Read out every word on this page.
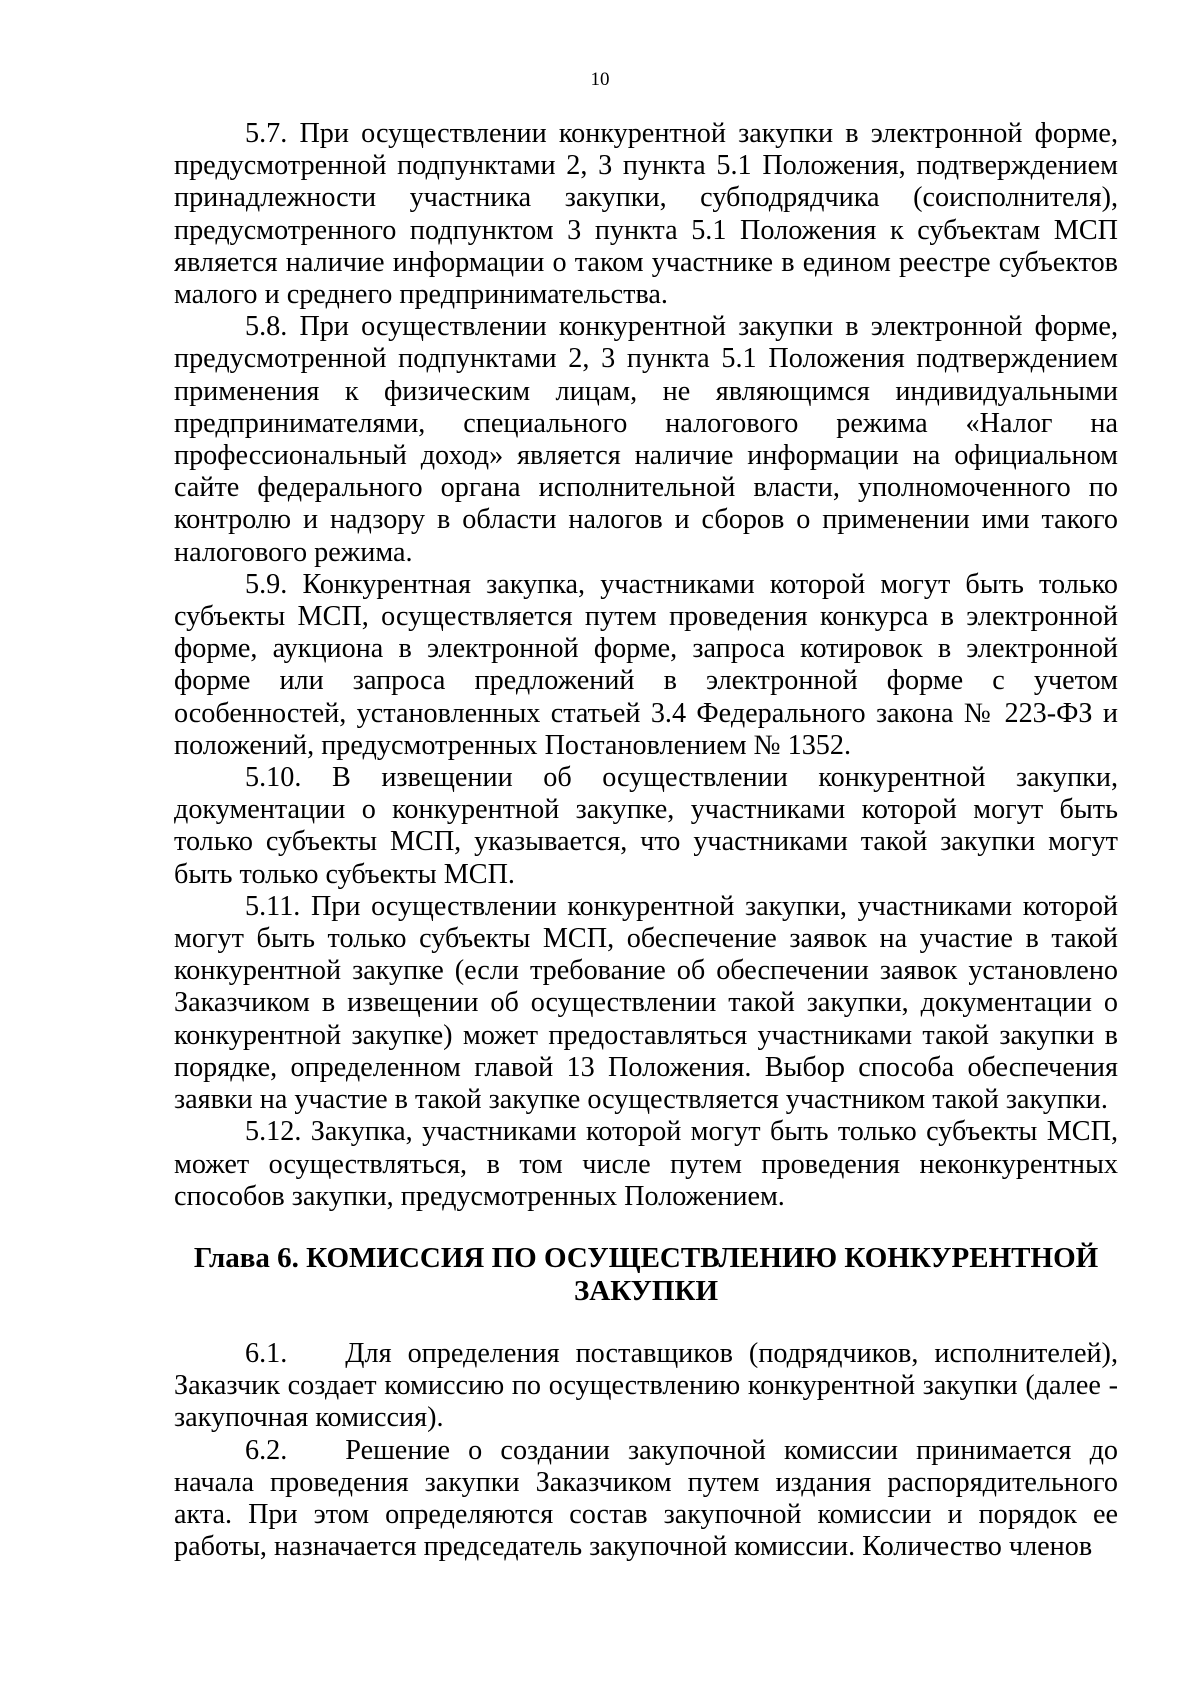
10

5.7. При осуществлении конкурентной закупки в электронной форме, предусмотренной подпунктами 2, 3 пункта 5.1 Положения, подтверждением принадлежности участника закупки, субподрядчика (соисполнителя), предусмотренного подпунктом 3 пункта 5.1 Положения к субъектам МСП является наличие информации о таком участнике в едином реестре субъектов малого и среднего предпринимательства.

5.8. При осуществлении конкурентной закупки в электронной форме, предусмотренной подпунктами 2, 3 пункта 5.1 Положения подтверждением применения к физическим лицам, не являющимся индивидуальными предпринимателями, специального налогового режима «Налог на профессиональный доход» является наличие информации на официальном сайте федерального органа исполнительной власти, уполномоченного по контролю и надзору в области налогов и сборов о применении ими такого налогового режима.

5.9. Конкурентная закупка, участниками которой могут быть только субъекты МСП, осуществляется путем проведения конкурса в электронной форме, аукциона в электронной форме, запроса котировок в электронной форме или запроса предложений в электронной форме с учетом особенностей, установленных статьей 3.4 Федерального закона № 223-ФЗ и положений, предусмотренных Постановлением № 1352.

5.10. В извещении об осуществлении конкурентной закупки, документации о конкурентной закупке, участниками которой могут быть только субъекты МСП, указывается, что участниками такой закупки могут быть только субъекты МСП.

5.11. При осуществлении конкурентной закупки, участниками которой могут быть только субъекты МСП, обеспечение заявок на участие в такой конкурентной закупке (если требование об обеспечении заявок установлено Заказчиком в извещении об осуществлении такой закупки, документации о конкурентной закупке) может предоставляться участниками такой закупки в порядке, определенном главой 13 Положения. Выбор способа обеспечения заявки на участие в такой закупке осуществляется участником такой закупки.

5.12. Закупка, участниками которой могут быть только субъекты МСП, может осуществляться, в том числе путем проведения неконкурентных способов закупки, предусмотренных Положением.

Глава 6. КОМИССИЯ ПО ОСУЩЕСТВЛЕНИЮ КОНКУРЕНТНОЙ ЗАКУПКИ

6.1. Для определения поставщиков (подрядчиков, исполнителей), Заказчик создает комиссию по осуществлению конкурентной закупки (далее - закупочная комиссия).

6.2. Решение о создании закупочной комиссии принимается до начала проведения закупки Заказчиком путем издания распорядительного акта. При этом определяются состав закупочной комиссии и порядок ее работы, назначается председатель закупочной комиссии. Количество членов
